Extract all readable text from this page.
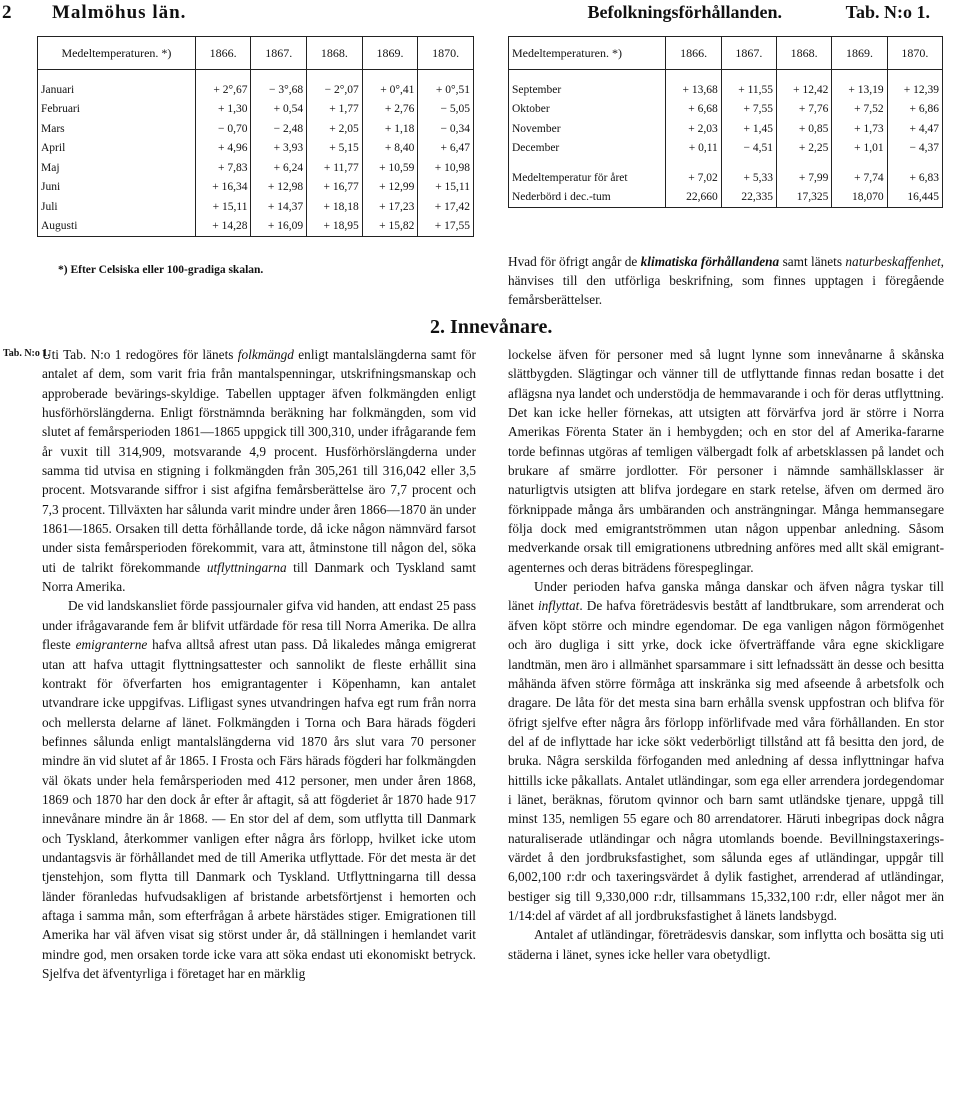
2 Malmöhus län.	Befolkningsförhållanden.	Tab. N:o 1.
Medeltemperaturen. *)	1866.	1867.	1868.	1869.	1870.

Januari	+ 2°,67	− 3°,68	− 2°,07	+ 0°,41	+ 0°,51
Februari	+ 1,30	+ 0,54	+ 1,77	+ 2,76	− 5,05
Mars	− 0,70	− 2,48	+ 2,05	+ 1,18	− 0,34
April	+ 4,96	+ 3,93	+ 5,15	+ 8,40	+ 6,47
Maj	+ 7,83	+ 6,24	+ 11,77	+ 10,59	+ 10,98
Juni	+ 16,34	+ 12,98	+ 16,77	+ 12,99	+ 15,11
Juli	+ 15,11	+ 14,37	+ 18,18	+ 17,23	+ 17,42
Augusti	+ 14,28	+ 16,09	+ 18,95	+ 15,82	+ 17,55
*) Efter Celsiska eller 100-gradiga skalan.
Medeltemperaturen. *)	1866.	1867.	1868.	1869.	1870.

September	+ 13,68	+ 11,55	+ 12,42	+ 13,19	+ 12,39
Oktober	+ 6,68	+ 7,55	+ 7,76	+ 7,52	+ 6,86
November	+ 2,03	+ 1,45	+ 0,85	+ 1,73	+ 4,47
December	+ 0,11	− 4,51	+ 2,25	+ 1,01	− 4,37

Medeltemperatur för året	+ 7,02	+ 5,33	+ 7,99	+ 7,74	+ 6,83
Nederbörd i dec.-tum	22,660	22,335	17,325	18,070	16,445
Hvad för öfrigt angår de klimatiska förhållandena samt länets naturbeskaffenhet, hänvises till den utförliga beskrifning, som finnes upptagen i föregående femårsberättelser.
2. Innevånare.
Tab. N:o 1.

Uti Tab. N:o 1 redogöres för länets folkmängd enligt mantalslängderna samt för antalet af dem, som varit fria från mantalspenningar, utskrifningsmanskap och approberade bevärings-skyldige. Tabellen upptager äfven folkmängden enligt husförhörslängderna. Enligt förstnämnda beräkning har folkmängden, som vid slutet af femårsperioden 1861—1865 uppgick till 300,310, under ifrågarande fem år vuxit till 314,909, motsvarande 4,9 procent. Husförhörslängderna under samma tid utvisa en stigning i folkmängden från 305,261 till 316,042 eller 3,5 procent. Motsvarande siffror i sist afgifna femårsberättelse äro 7,7 procent och 7,3 procent. Tillväxten har sålunda varit mindre under åren 1866—1870 än under 1861—1865. Orsaken till detta förhållande torde, då icke någon nämnvärd farsot under sista femårsperioden förekommit, vara att, åtminstone till någon del, söka uti de talrikt förekommande utflyttningarna till Danmark och Tyskland samt Norra Amerika.

De vid landskansliet förde passjournaler gifva vid handen, att endast 25 pass under ifrågavarande fem år blifvit utfärdade för resa till Norra Amerika. De allra fleste emigranterne hafva alltså afrest utan pass. Då likaledes många emigrerat utan att hafva uttagit flyttningsattester och sannolikt de fleste erhållit sina kontrakt för öfverfarten hos emigrantagenter i Köpenhamn, kan antalet utvandrare icke uppgifvas. Lifligast synes utvandringen hafva egt rum från norra och mellersta delarne af länet. Folkmängden i Torna och Bara härads fögderi befinnes sålunda enligt mantalslängderna vid 1870 års slut vara 70 personer mindre än vid slutet af år 1865. I Frosta och Färs härads fögderi har folkmängden väl ökats under hela femårsperioden med 412 personer, men under åren 1868, 1869 och 1870 har den dock år efter år aftagit, så att fögderiet år 1870 hade 917 innevånare mindre än år 1868. — En stor del af dem, som utflytta till Danmark och Tyskland, återkommer vanligen efter några års förlopp, hvilket icke utom undantagsvis är förhållandet med de till Amerika utflyttade. För det mesta är det tjenstehjon, som flytta till Danmark och Tyskland. Utflyttningarna till dessa länder föranledas hufvudsakligen af bristande arbetsförtjenst i hemorten och aftaga i samma mån, som efterfrågan å arbete härstädes stiger. Emigrationen till Amerika har väl äfven visat sig störst under år, då ställningen i hemlandet varit mindre god, men orsaken torde icke vara att söka endast uti ekonomiskt betryck. Sjelfva det äfventyrliga i företaget har en märklig

lockelse äfven för personer med så lugnt lynne som innevånarne å skånska slättbygden. Slägtingar och vänner till de utflyttande finnas redan bosatte i det aflägsna nya landet och understödja de hemmavarande i och för deras utflyttning. Det kan icke heller förnekas, att utsigten att förvärfva jord är större i Norra Amerikas Förenta Stater än i hembygden; och en stor del af Amerika-fararne torde befinnas utgöras af temligen välbergadt folk af arbetsklassen på landet och brukare af smärre jordlotter. För personer i nämnde samhällsklasser är naturligtvis utsigten att blifva jordegare en stark retelse, äfven om dermed äro förknippade många års umbäranden och ansträngningar. Många hemmansegare följa dock med emigrantströmmen utan någon uppenbar anledning. Såsom medverkande orsak till emigrationens utbredning anföres med allt skäl emigrant-agenternes och deras biträdens förespeglingar.

Under perioden hafva ganska många danskar och äfven några tyskar till länet inflyttat. De hafva företrädesvis bestått af landtbrukare, som arrenderat och äfven köpt större och mindre egendomar. De ega vanligen någon förmögenhet och äro dugliga i sitt yrke, dock icke öfverträffande våra egne skickligare landtmän, men äro i allmänhet sparsammare i sitt lefnadssätt än desse och besitta måhända äfven större förmåga att inskränka sig med afseende å arbetsfolk och dragare. De låta för det mesta sina barn erhålla svensk uppfostran och blifva för öfrigt sjelfve efter några års förlopp införlifvade med våra förhållanden. En stor del af de inflyttade har icke sökt vederbörligt tillstånd att få besitta den jord, de bruka. Några serskilda förfoganden med anledning af dessa inflyttningar hafva hittills icke påkallats. Antalet utländingar, som ega eller arrendera jordegendomar i länet, beräknas, förutom qvinnor och barn samt utländske tjenare, uppgå till minst 135, nemligen 55 egare och 80 arrendatorer. Häruti inbegripas dock några naturaliserade utländingar och några utomlands boende. Bevillningstaxerings-värdet å den jordbruksfastighet, som sålunda eges af utländingar, uppgår till 6,002,100 r:dr och taxeringsvärdet å dylik fastighet, arrenderad af utländingar, bestiger sig till 9,330,000 r:dr, tillsammans 15,332,100 r:dr, eller något mer än 1/14:del af värdet af all jordbruksfastighet å länets landsbygd.

Antalet af utländingar, företrädesvis danskar, som inflytta och bosätta sig uti städerna i länet, synes icke heller vara obetydligt.
